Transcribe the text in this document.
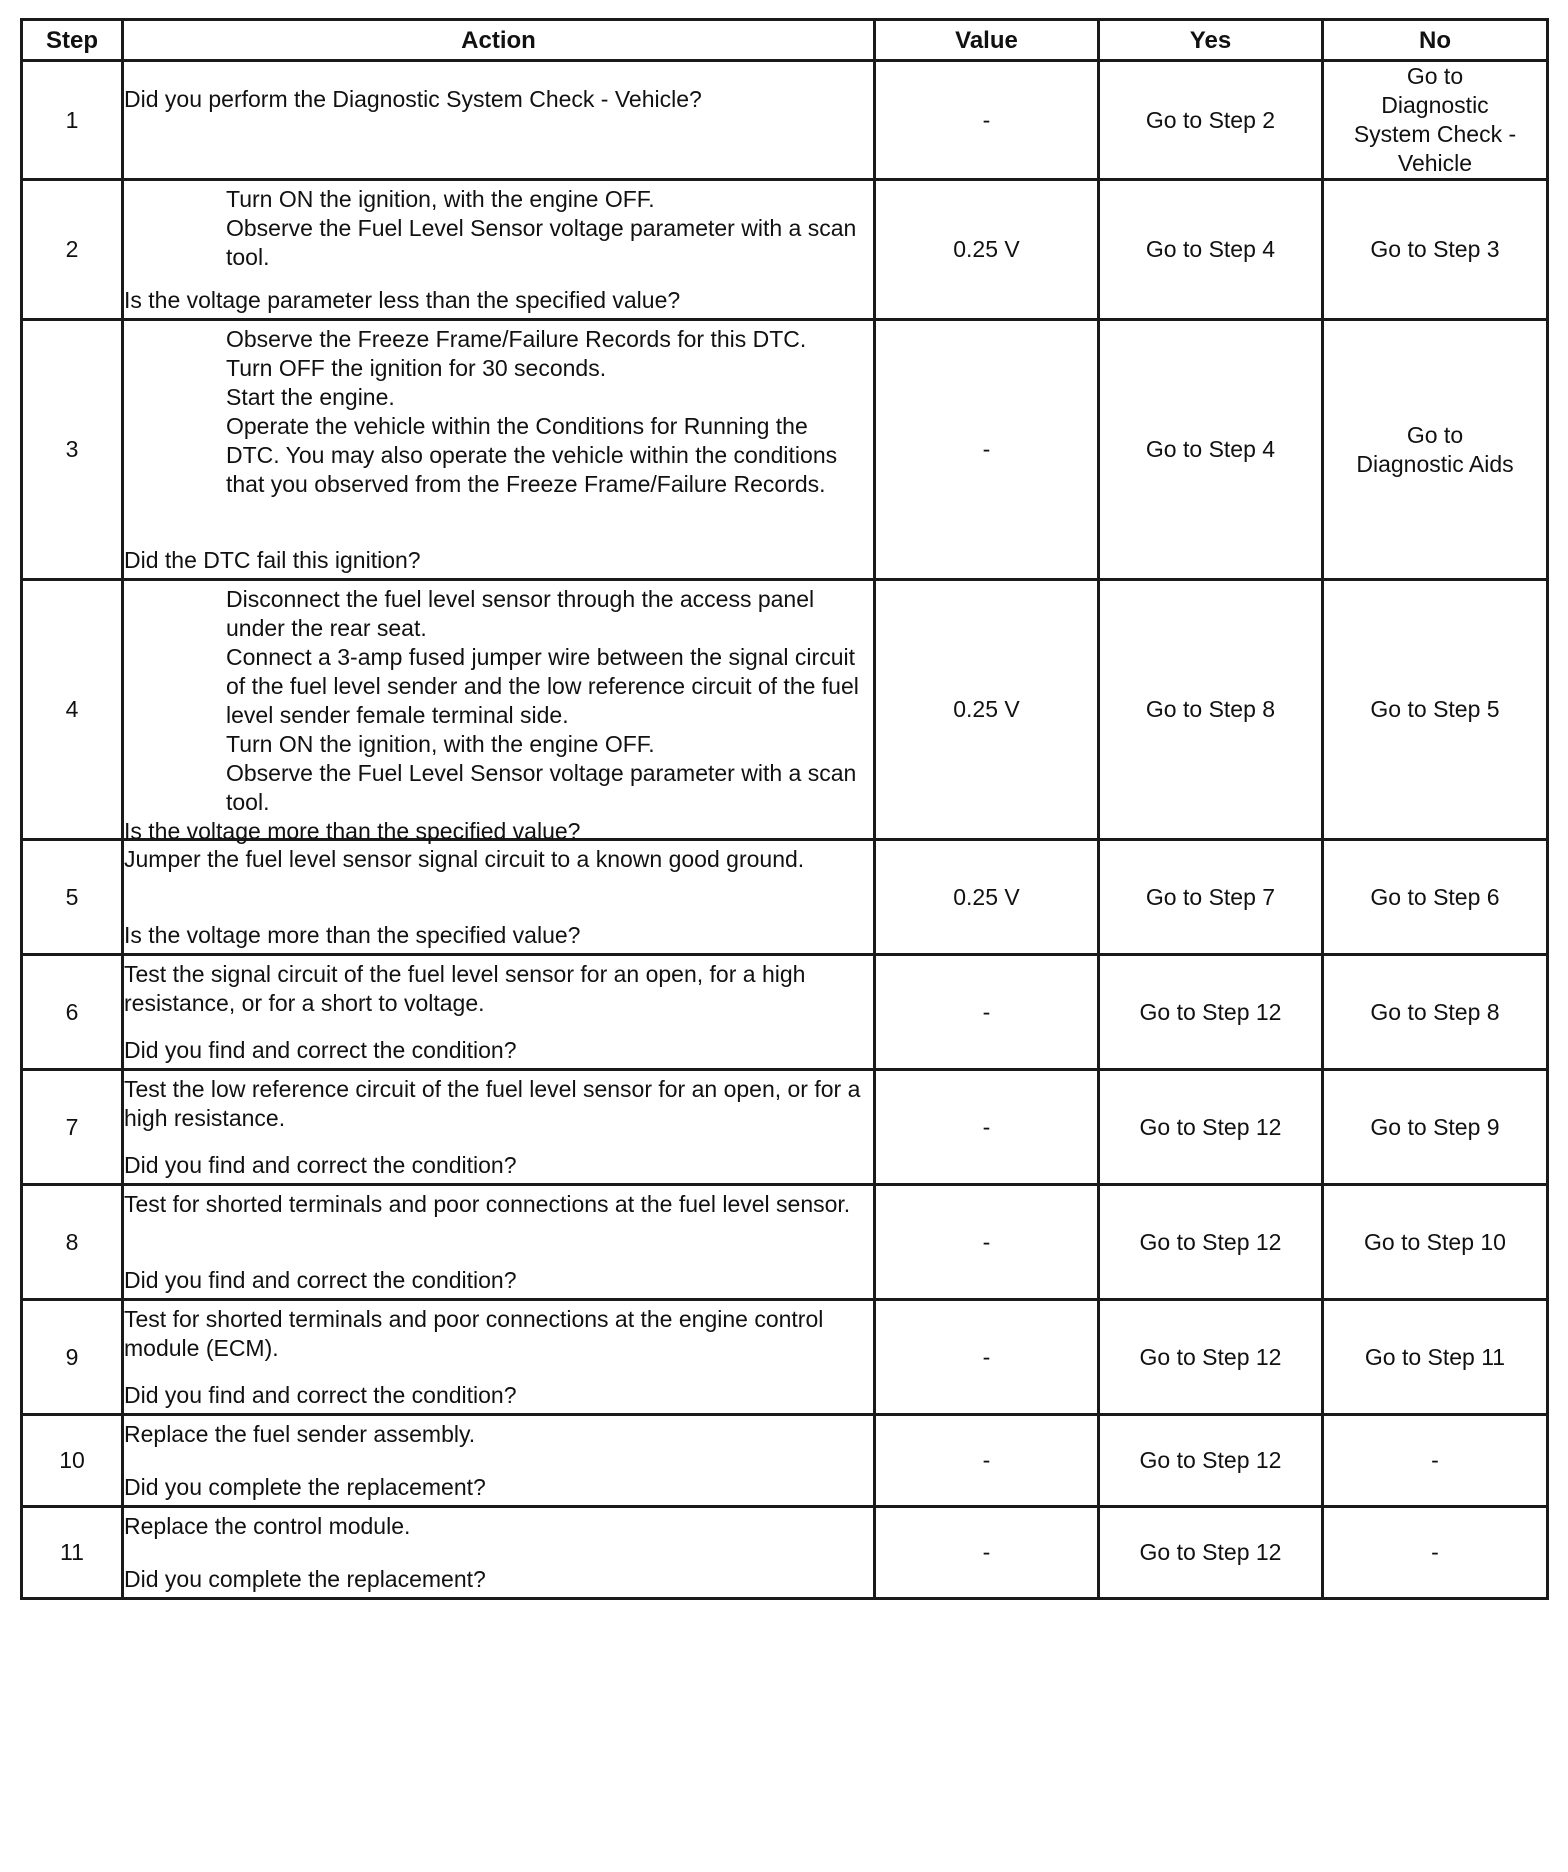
Step	Action	Value	Yes	No
1	Did you perform the Diagnostic System Check - Vehicle?	-	Go to Step 2	Go to Diagnostic System Check - Vehicle

2	Turn ON the ignition, with the engine OFF.
Observe the Fuel Level Sensor voltage parameter with a scan tool.
Is the voltage parameter less than the specified value?	0.25 V	Go to Step 4	Go to Step 3

3	Observe the Freeze Frame/Failure Records for this DTC.
Turn OFF the ignition for 30 seconds.
Start the engine.
Operate the vehicle within the Conditions for Running the DTC. You may also operate the vehicle within the conditions that you observed from the Freeze Frame/Failure Records.
Did the DTC fail this ignition?	-	Go to Step 4	Go to Diagnostic Aids

4	Disconnect the fuel level sensor through the access panel under the rear seat.
Connect a 3-amp fused jumper wire between the signal circuit of the fuel level sender and the low reference circuit of the fuel level sender female terminal side.
Turn ON the ignition, with the engine OFF.
Observe the Fuel Level Sensor voltage parameter with a scan tool.
Is the voltage more than the specified value?	0.25 V	Go to Step 8	Go to Step 5

5	Jumper the fuel level sensor signal circuit to a known good ground.
Is the voltage more than the specified value?	0.25 V	Go to Step 7	Go to Step 6

6	Test the signal circuit of the fuel level sensor for an open, for a high resistance, or for a short to voltage.
Did you find and correct the condition?	-	Go to Step 12	Go to Step 8

7	Test the low reference circuit of the fuel level sensor for an open, or for a high resistance.
Did you find and correct the condition?	-	Go to Step 12	Go to Step 9

8	Test for shorted terminals and poor connections at the fuel level sensor.
Did you find and correct the condition?	-	Go to Step 12	Go to Step 10

9	Test for shorted terminals and poor connections at the engine control module (ECM).
Did you find and correct the condition?	-	Go to Step 12	Go to Step 11

10	Replace the fuel sender assembly.
Did you complete the replacement?	-	Go to Step 12	-

11	Replace the control module.
Did you complete the replacement?	-	Go to Step 12	-
